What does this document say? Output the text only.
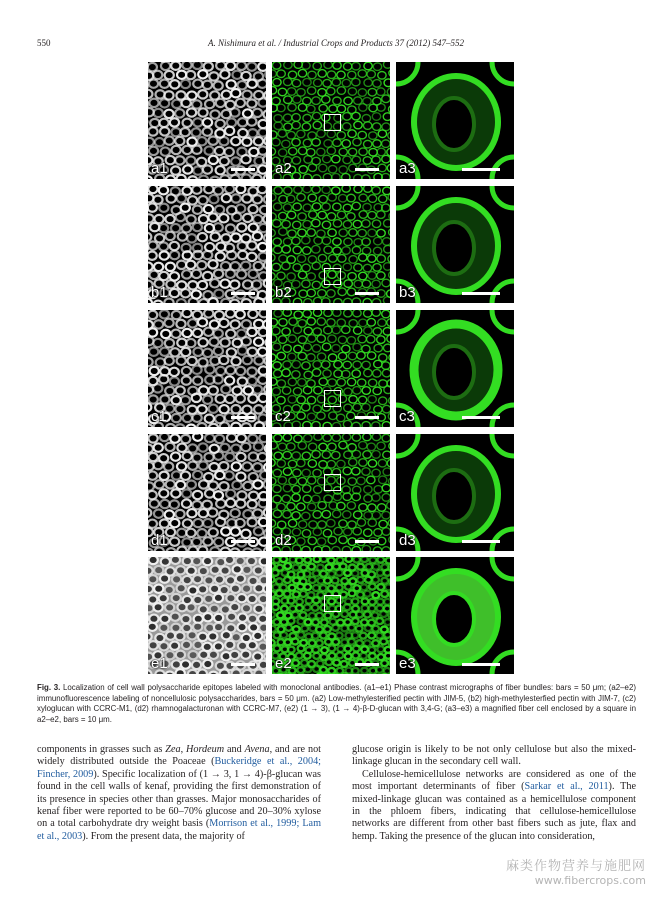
550	A. Nishimura et al. / Industrial Crops and Products 37 (2012) 547–552
a1	a2	a3
b1	b2	b3
c1	c2	c3
d1	d2	d3
e1	e2	e3
Fig. 3. Localization of cell wall polysaccharide epitopes labeled with monoclonal antibodies. (a1–e1) Phase contrast micrographs of fiber bundles: bars = 50 μm; (a2–e2) immunofluorescence labeling of noncellulosic polysaccharides, bars = 50 μm. (a2) Low-methylesterified pectin with JIM-5, (b2) high-methylesterfied pectin with JIM-7, (c2) xyloglucan with CCRC-M1, (d2) rhamnogalacturonan with CCRC-M7, (e2) (1 → 3), (1 → 4)-β-D-glucan with 3,4-G; (a3–e3) a magnified fiber cell enclosed by a square in a2–e2, bars = 10 μm.

components in grasses such as Zea, Hordeum and Avena, and are not widely distributed outside the Poaceae (Buckeridge et al., 2004; Fincher, 2009). Specific localization of (1 → 3, 1 → 4)-β-glucan was found in the cell walls of kenaf, providing the first demonstration of its presence in species other than grasses. Major monosaccharides of kenaf fiber were reported to be 60–70% glucose and 20–30% xylose on a total carbohydrate dry weight basis (Morrison et al., 1999; Lam et al., 2003). From the present data, the majority of

glucose origin is likely to be not only cellulose but also the mixed-linkage glucan in the secondary cell wall.

Cellulose-hemicellulose networks are considered as one of the most important determinants of fiber (Sarkar et al., 2011). The mixed-linkage glucan was contained as a hemicellulose component in the phloem fibers, indicating that cellulose-hemicellulose networks are different from other bast fibers such as jute, flax and hemp. Taking the presence of the glucan into consideration,

麻类作物营养与施肥网
www.fibercrops.com
